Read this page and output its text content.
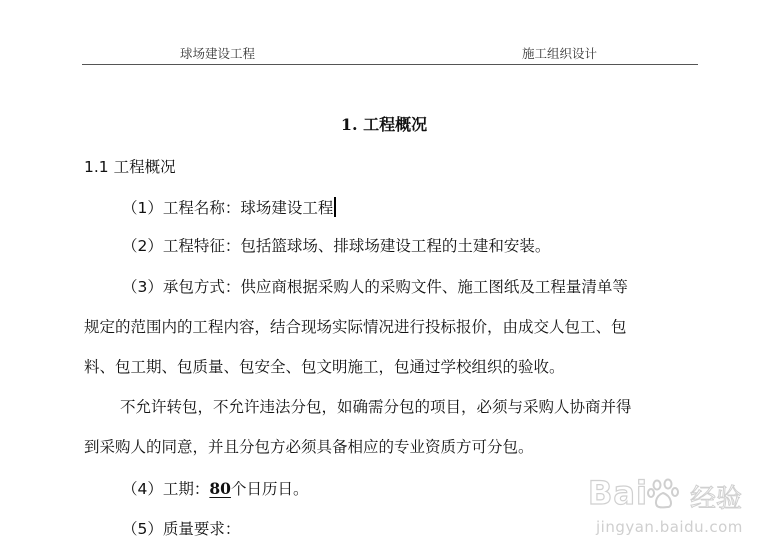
球场建设工程	施工组织设计
1. 工程概况
1.1 工程概况
（1）工程名称：球场建设工程
（2）工程特征：包括篮球场、排球场建设工程的土建和安装。
（3）承包方式：供应商根据采购人的采购文件、施工图纸及工程量清单等
规定的范围内的工程内容，结合现场实际情况进行投标报价，由成交人包工、包
料、包工期、包质量、包安全、包文明施工，包通过学校组织的验收。
不允许转包，不允许违法分包，如确需分包的项目，必须与采购人协商并得
到采购人的同意，并且分包方必须具备相应的专业资质方可分包。
（4）工期：80个日历日。
（5）质量要求：
Bai 经验
jingyan.baidu.com
